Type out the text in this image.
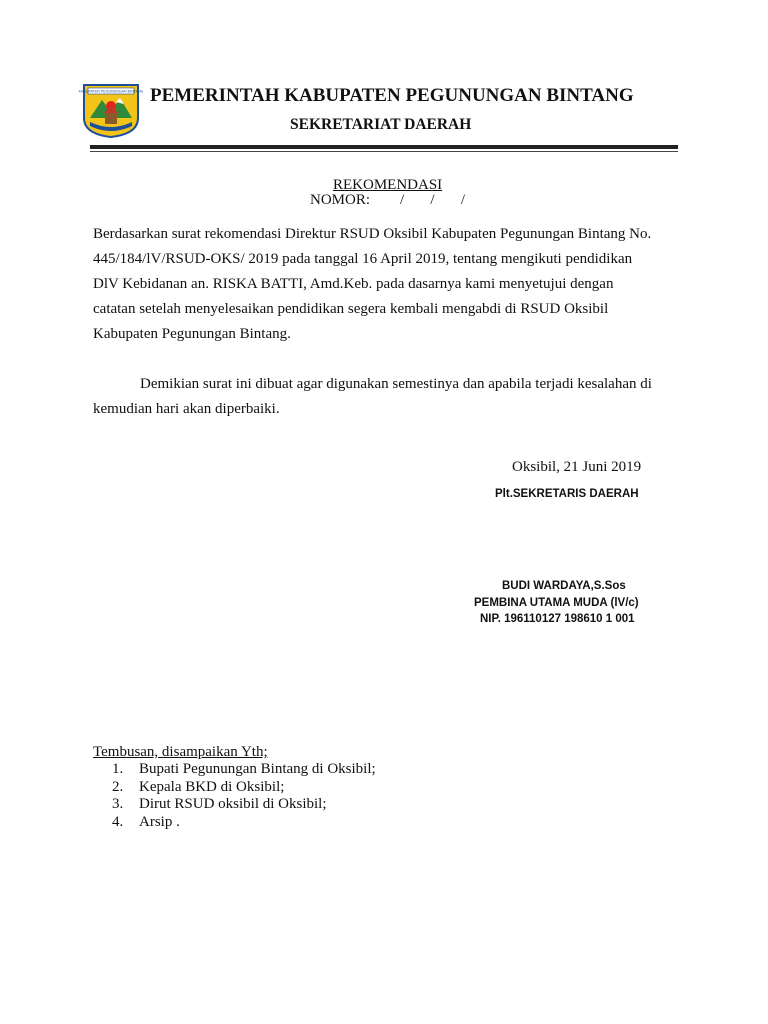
KABUPATEN PEGUNUNGAN BINTANG PEMERINTAH KABUPATEN PEGUNUNGAN BINTANG
SEKRETARIAT DAERAH
REKOMENDASI
NOMOR:        /       /       /
Berdasarkan surat rekomendasi Direktur RSUD Oksibil Kabupaten Pegunungan Bintang No.
445/184/lV/RSUD-OKS/ 2019 pada tanggal 16 April 2019, tentang mengikuti pendidikan
DlV Kebidanan an. RISKA BATTI, Amd.Keb. pada dasarnya kami menyetujui dengan
catatan setelah menyelesaikan pendidikan segera kembali mengabdi di RSUD Oksibil
Kabupaten Pegunungan Bintang.
Demikian surat ini dibuat agar digunakan semestinya dan apabila terjadi kesalahan di
kemudian hari akan diperbaiki.
Oksibil, 21 Juni 2019
Plt.SEKRETARIS DAERAH
BUDI WARDAYA,S.Sos
PEMBINA UTAMA MUDA (lV/c)
NIP. 196110127 198610 1 001
Tembusan, disampaikan Yth;
1. Bupati Pegunungan Bintang di Oksibil;
2. Kepala BKD di Oksibil;
3. Dirut RSUD oksibil di Oksibil;
4. Arsip .
